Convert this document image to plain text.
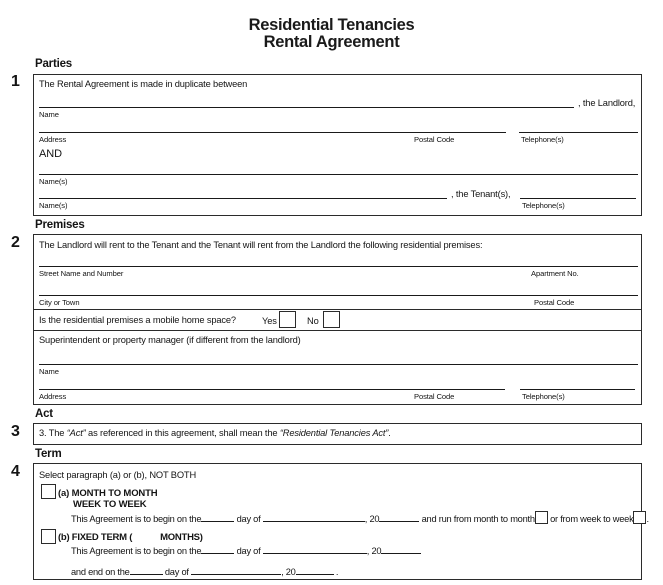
Residential Tenancies
Rental Agreement
Parties
1 The Rental Agreement is made in duplicate between
, the Landlord,
Name
Address	Postal Code	Telephone(s)
AND
Name(s)
, the Tenant(s),
Name(s)	Telephone(s)
Premises
2 The Landlord will rent to the Tenant and the Tenant will rent from the Landlord the following residential premises:
Street Name and Number	Apartment No.
City or Town	Postal Code
Is the residential premises a mobile home space?	Yes	No
Superintendent or property manager (if different from the landlord)
Name
Address	Postal Code	Telephone(s)
Act
3 3. The “Act” as referenced in this agreement, shall mean the “Residential Tenancies Act”.
Term
4 Select paragraph (a) or (b), NOT BOTH
(a) MONTH TO MONTH
WEEK TO WEEK
This Agreement is to begin on the	day of	, 20	and run from month to month or from week to week .
(b) FIXED TERM (	MONTHS)
This Agreement is to begin on the	day of	, 20
and end on the	day of	, 20	.
